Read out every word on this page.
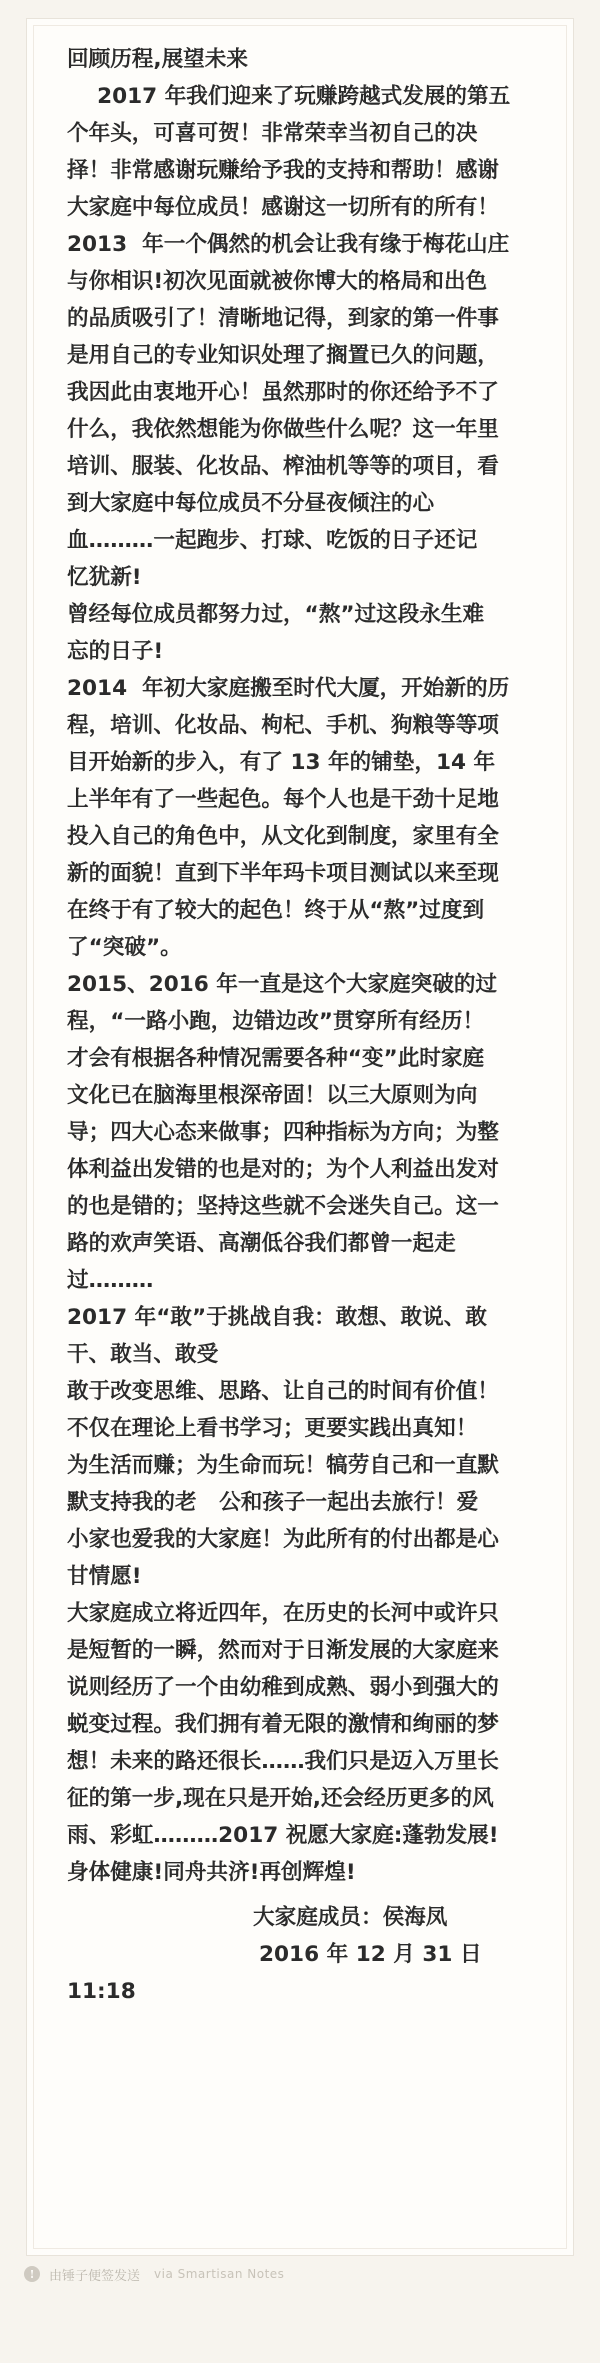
回顾历程,展望未来
2017 年我们迎来了玩赚跨越式发展的第五
个年头，可喜可贺！非常荣幸当初自己的决
择！非常感谢玩赚给予我的支持和帮助！感谢
大家庭中每位成员！感谢这一切所有的所有！
2013  年一个偶然的机会让我有缘于梅花山庄
与你相识!初次见面就被你博大的格局和出色
的品质吸引了！清晰地记得，到家的第一件事
是用自己的专业知识处理了搁置已久的问题，
我因此由衷地开心！虽然那时的你还给予不了
什么，我依然想能为你做些什么呢？这一年里
培训、服装、化妆品、榨油机等等的项目，看
到大家庭中每位成员不分昼夜倾注的心
血………一起跑步、打球、吃饭的日子还记
忆犹新!
曾经每位成员都努力过，“熬”过这段永生难
忘的日子!
2014  年初大家庭搬至时代大厦，开始新的历
程，培训、化妆品、枸杞、手机、狗粮等等项
目开始新的步入，有了 13 年的铺垫，14 年
上半年有了一些起色。每个人也是干劲十足地
投入自己的角色中，从文化到制度，家里有全
新的面貌！直到下半年玛卡项目测试以来至现
在终于有了较大的起色！终于从“熬”过度到
了“突破”。
2015、2016 年一直是这个大家庭突破的过
程，“一路小跑，边错边改”贯穿所有经历！
才会有根据各种情况需要各种“变”此时家庭
文化已在脑海里根深帝固！以三大原则为向
导；四大心态来做事；四种指标为方向；为整
体利益出发错的也是对的；为个人利益出发对
的也是错的；坚持这些就不会迷失自己。这一
路的欢声笑语、高潮低谷我们都曾一起走
过………
2017 年“敢”于挑战自我：敢想、敢说、敢
干、敢当、敢受
敢于改变思维、思路、让自己的时间有价值！
不仅在理论上看书学习；更要实践出真知！
为生活而赚；为生命而玩！犒劳自己和一直默
默支持我的老   公和孩子一起出去旅行！爱
小家也爱我的大家庭！为此所有的付出都是心
甘情愿!
大家庭成立将近四年，在历史的长河中或许只
是短暂的一瞬，然而对于日渐发展的大家庭来
说则经历了一个由幼稚到成熟、弱小到强大的
蜕变过程。我们拥有着无限的激情和绚丽的梦
想！未来的路还很长……我们只是迈入万里长
征的第一步,现在只是开始,还会经历更多的风
雨、彩虹………2017 祝愿大家庭:蓬勃发展!
身体健康!同舟共济!再创辉煌!
大家庭成员：侯海凤
2016 年 12 月 31 日
11:18
!	由锤子便签发送 via Smartisan Notes
